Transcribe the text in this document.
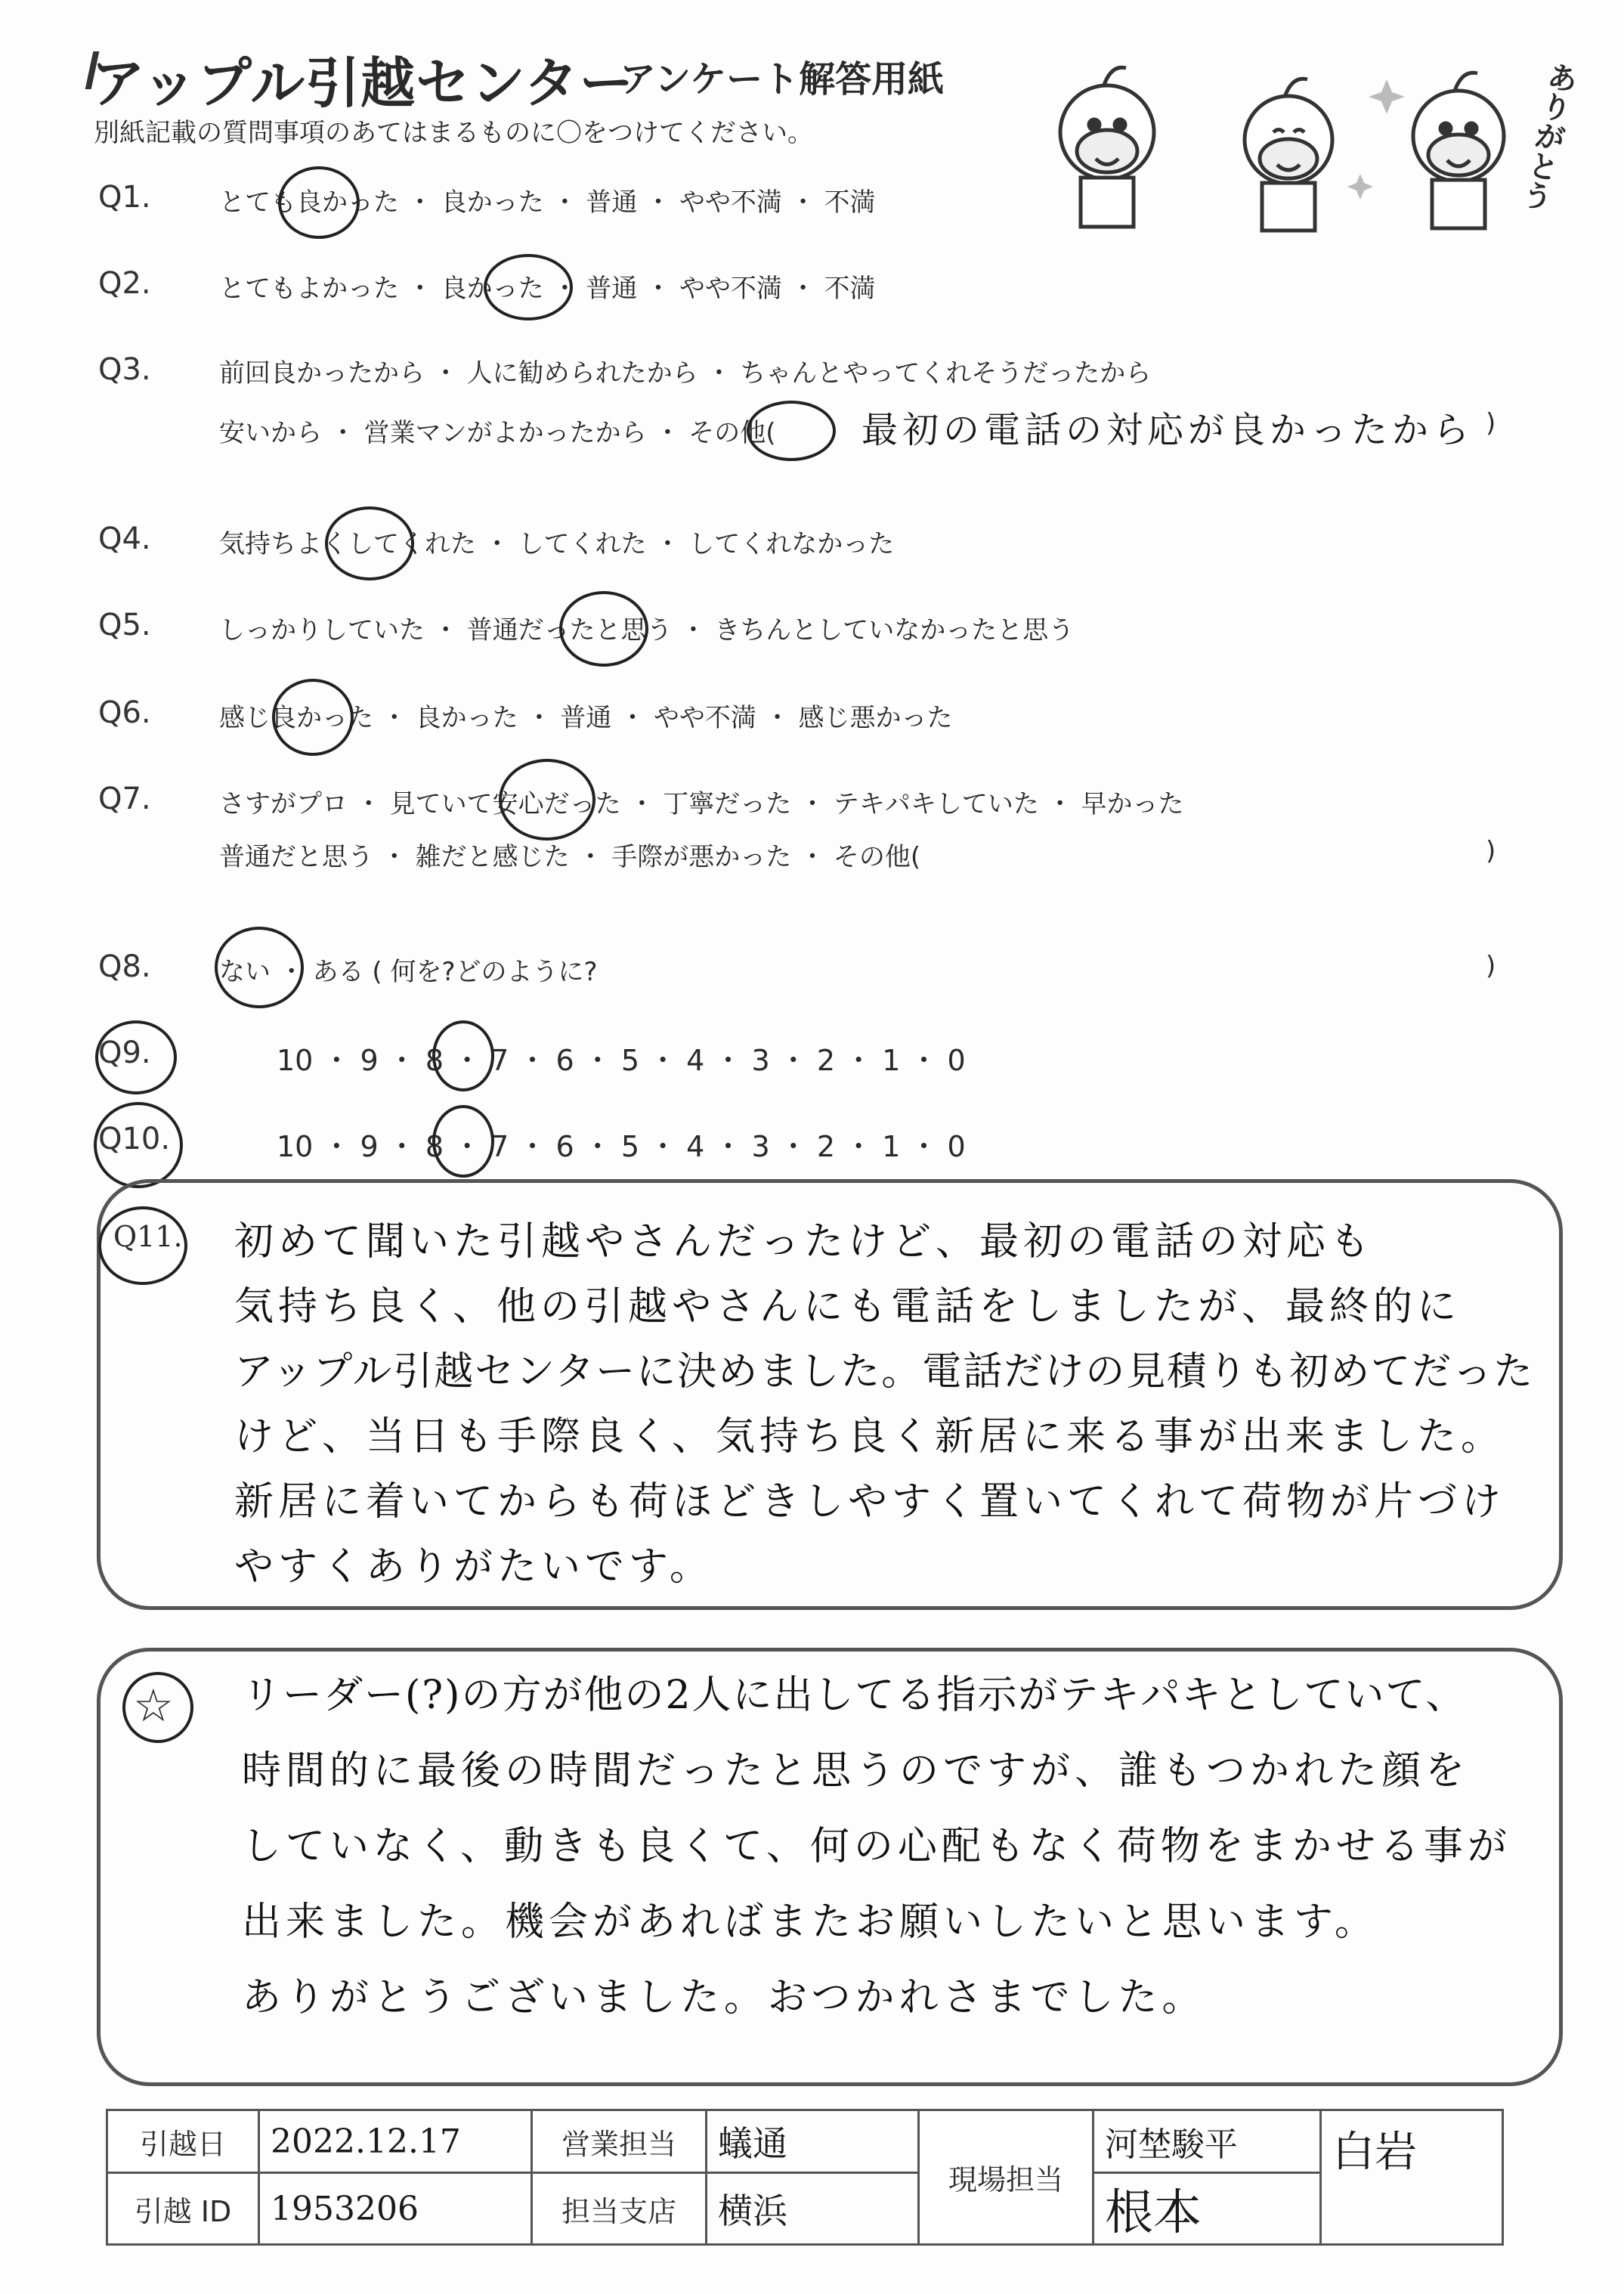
アップル引越センター
アンケート解答用紙
別紙記載の質問事項のあてはまるものに〇をつけてください。	ありがとう
Q1.	とても良かった ・ 良かった ・ 普通 ・ やや不満 ・ 不満
Q2.	とてもよかった ・ 良かった ・ 普通 ・ やや不満 ・ 不満
Q3.	前回良かったから ・ 人に勧められたから ・ ちゃんとやってくれそうだったから
安いから ・ 営業マンがよかったから ・ その他( 最初の電話の対応が良かったから )
Q4.	気持ちよくしてくれた ・ してくれた ・ してくれなかった
Q5.	しっかりしていた ・ 普通だったと思う ・ きちんとしていなかったと思う
Q6.	感じ良かった ・ 良かった ・ 普通 ・ やや不満 ・ 感じ悪かった
Q7.	さすがプロ ・ 見ていて安心だった ・ 丁寧だった ・ テキパキしていた ・ 早かった
普通だと思う ・ 雑だと感じた ・ 手際が悪かった ・ その他(	)
Q8.	ない ・ ある ( 何を?どのように?	)
Q9.	10 ・ 9 ・ 8 ・ 7 ・ 6 ・ 5 ・ 4 ・ 3 ・ 2 ・ 1 ・ 0
Q10.	10 ・ 9 ・ 8 ・ 7 ・ 6 ・ 5 ・ 4 ・ 3 ・ 2 ・ 1 ・ 0
Q11. 初めて聞いた引越やさんだったけど、最初の電話の対応も
気持ち良く、他の引越やさんにも電話をしましたが、最終的に
アップル引越センターに決めました。電話だけの見積りも初めてだった
けど、当日も手際良く、気持ち良く新居に来る事が出来ました。
新居に着いてからも荷ほどきしやすく置いてくれて荷物が片づけ
やすくありがたいです。
☆ リーダー(?)の方が他の2人に出してる指示がテキパキとしていて、
時間的に最後の時間だったと思うのですが、誰もつかれた顔を
していなく、動きも良くて、何の心配もなく荷物をまかせる事が
出来ました。機会があればまたお願いしたいと思います。
ありがとうございました。おつかれさまでした。
引越日	2022.12.17	営業担当	蟻通	現場担当	河埜駿平	白岩
引越 ID	1953206	担当支店	横浜		根本	
